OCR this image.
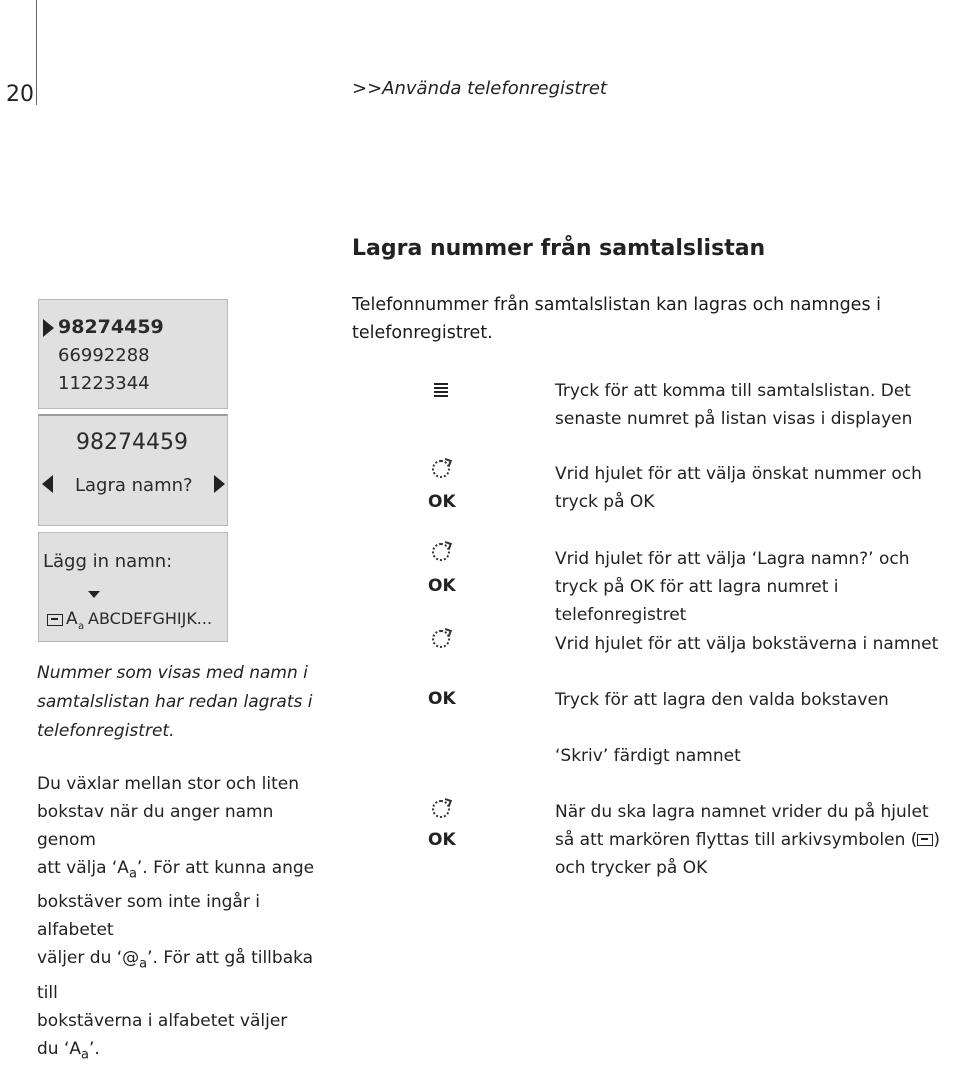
20	>>Använda telefonregistret
Lagra nummer från samtalslistan
Telefonnummer från samtalslistan kan lagras och namnges i telefonregistret.
98274459
66992288
11223344
98274459
Lagra namn?
Lägg in namn:
A a ABCDEFGHIJK...
Nummer som visas med namn i samtalslistan har redan lagrats i telefonregistret.
Du växlar mellan stor och liten
bokstav när du anger namn genom
att välja ‘$A_a$’. För att kunna ange
bokstäver som inte ingår i alfabetet
väljer du ‘$@_a$’. För att gå tillbaka till
bokstäverna i alfabetet väljer
du ‘$A_a$’.
OK
OK
OK
OK
Tryck för att komma till samtalslistan. Det senaste numret på listan visas i displayen
Vrid hjulet för att välja önskat nummer och tryck på OK
Vrid hjulet för att välja ‘Lagra namn?’ och tryck på OK för att lagra numret i telefonregistret
Vrid hjulet för att välja bokstäverna i namnet
Tryck för att lagra den valda bokstaven
‘Skriv’ färdigt namnet
När du ska lagra namnet vrider du på hjulet så att markören flyttas till arkivsymbolen ( ) och trycker på OK
